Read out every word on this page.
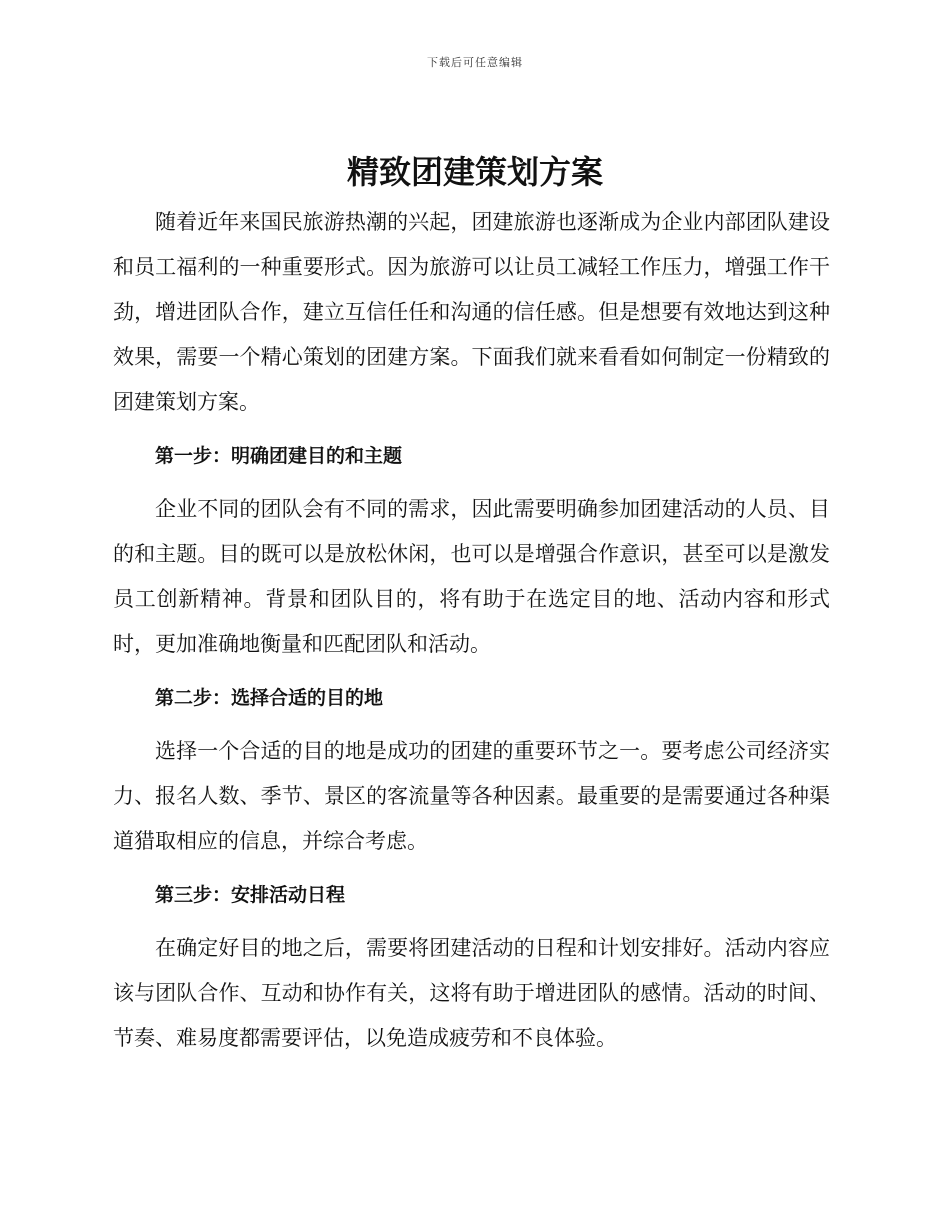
下载后可任意编辑
精致团建策划方案

随着近年来国民旅游热潮的兴起，团建旅游也逐渐成为企业内部团队建设和员工福利的一种重要形式。因为旅游可以让员工减轻工作压力，增强工作干劲，增进团队合作，建立互信任任和沟通的信任感。但是想要有效地达到这种效果，需要一个精心策划的团建方案。下面我们就来看看如何制定一份精致的团建策划方案。

第一步：明确团建目的和主题

企业不同的团队会有不同的需求，因此需要明确参加团建活动的人员、目的和主题。目的既可以是放松休闲，也可以是增强合作意识，甚至可以是激发员工创新精神。背景和团队目的，将有助于在选定目的地、活动内容和形式时，更加准确地衡量和匹配团队和活动。

第二步：选择合适的目的地

选择一个合适的目的地是成功的团建的重要环节之一。要考虑公司经济实力、报名人数、季节、景区的客流量等各种因素。最重要的是需要通过各种渠道猎取相应的信息，并综合考虑。

第三步：安排活动日程

在确定好目的地之后，需要将团建活动的日程和计划安排好。活动内容应该与团队合作、互动和协作有关，这将有助于增进团队的感情。活动的时间、节奏、难易度都需要评估，以免造成疲劳和不良体验。
